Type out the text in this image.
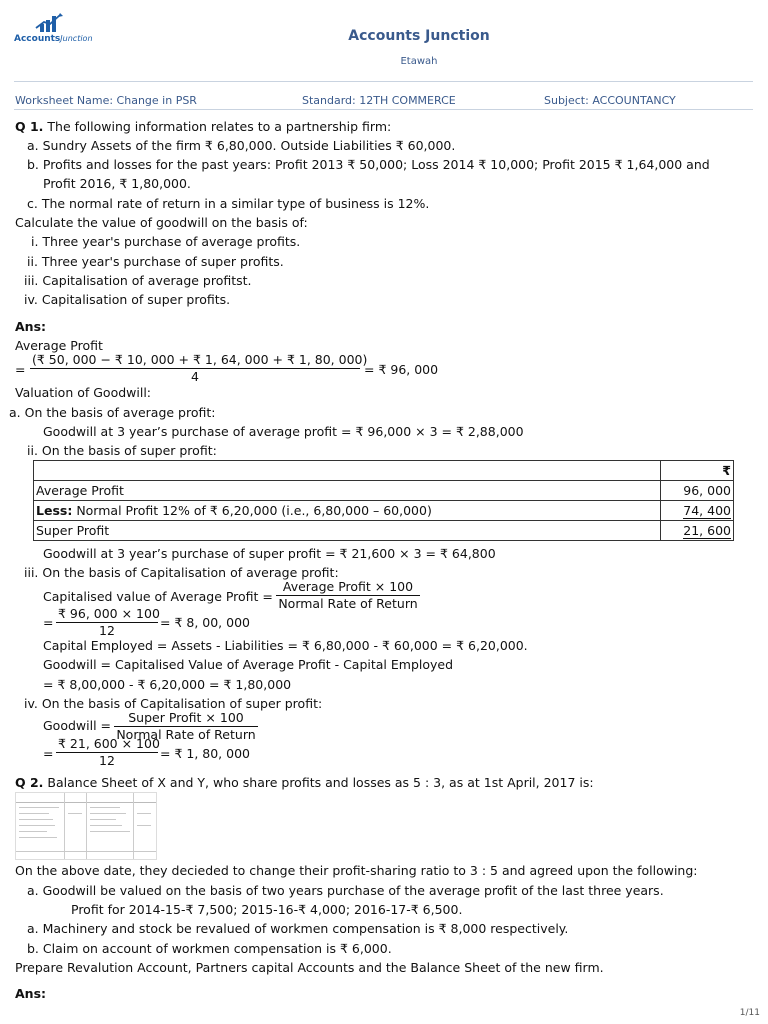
AccountsJunction	Accounts Junction
Etawah
Worksheet Name: Change in PSR	Standard: 12TH COMMERCE	Subject: ACCOUNTANCY
Q 1. The following information relates to a partnership firm:
a. Sundry Assets of the firm ₹ 6,80,000. Outside Liabilities ₹ 60,000.
b. Profits and losses for the past years: Profit 2013 ₹ 50,000; Loss 2014 ₹ 10,000; Profit 2015 ₹ 1,64,000 and
Profit 2016, ₹ 1,80,000.
c. The normal rate of return in a similar type of business is 12%.
Calculate the value of goodwill on the basis of:
i. Three year's purchase of average profits.
ii. Three year's purchase of super profits.
iii. Capitalisation of average profitst.
iv. Capitalisation of super profits.
Ans:
Average Profit
= $\frac{(₹ 50, 000 - ₹ 10, 000 + ₹ 1, 64, 000 + ₹ 1, 80, 000)}{4}$ = ₹ 96, 000
Valuation of Goodwill:
a. On the basis of average profit:
Goodwill at 3 year’s purchase of average profit = ₹ 96,000 × 3 = ₹ 2,88,000
ii. On the basis of super profit:
	₹
Average Profit	96, 000
Less: Normal Profit 12% of ₹ 6,20,000 (i.e., 6,80,000 – 60,000)	74, 400
Super Profit	21, 600
Goodwill at 3 year’s purchase of super profit = ₹ 21,600 × 3 = ₹ 64,800
iii. On the basis of Capitalisation of average profit:
Capitalised value of Average Profit =
Average Profit × 100
Normal Rate of Return
= $\frac{₹ 96, 000 \times 100}{12}$ = ₹ 8, 00, 000
Capital Employed = Assets - Liabilities = ₹ 6,80,000 - ₹ 60,000 = ₹ 6,20,000.
Goodwill = Capitalised Value of Average Profit - Capital Employed
= ₹ 8,00,000 - ₹ 6,20,000 = ₹ 1,80,000
iv. On the basis of Capitalisation of super profit:
Goodwill =
Super Profit × 100
Normal Rate of Return
= $\frac{₹ 21, 600 \times 100}{12}$ = ₹ 1, 80, 000
Q 2. Balance Sheet of X and Y, who share profits and losses as 5 : 3, as at 1st April, 2017 is:
On the above date, they decieded to change their profit-sharing ratio to 3 : 5 and agreed upon the following:
a. Goodwill be valued on the basis of two years purchase of the average profit of the last three years.
Profit for 2014-15-₹ 7,500; 2015-16-₹ 4,000; 2016-17-₹ 6,500.
a. Machinery and stock be revalued of workmen compensation is ₹ 8,000 respectively.
b. Claim on account of workmen compensation is ₹ 6,000.
Prepare Revalution Account, Partners capital Accounts and the Balance Sheet of the new firm.
Ans:
1/11
